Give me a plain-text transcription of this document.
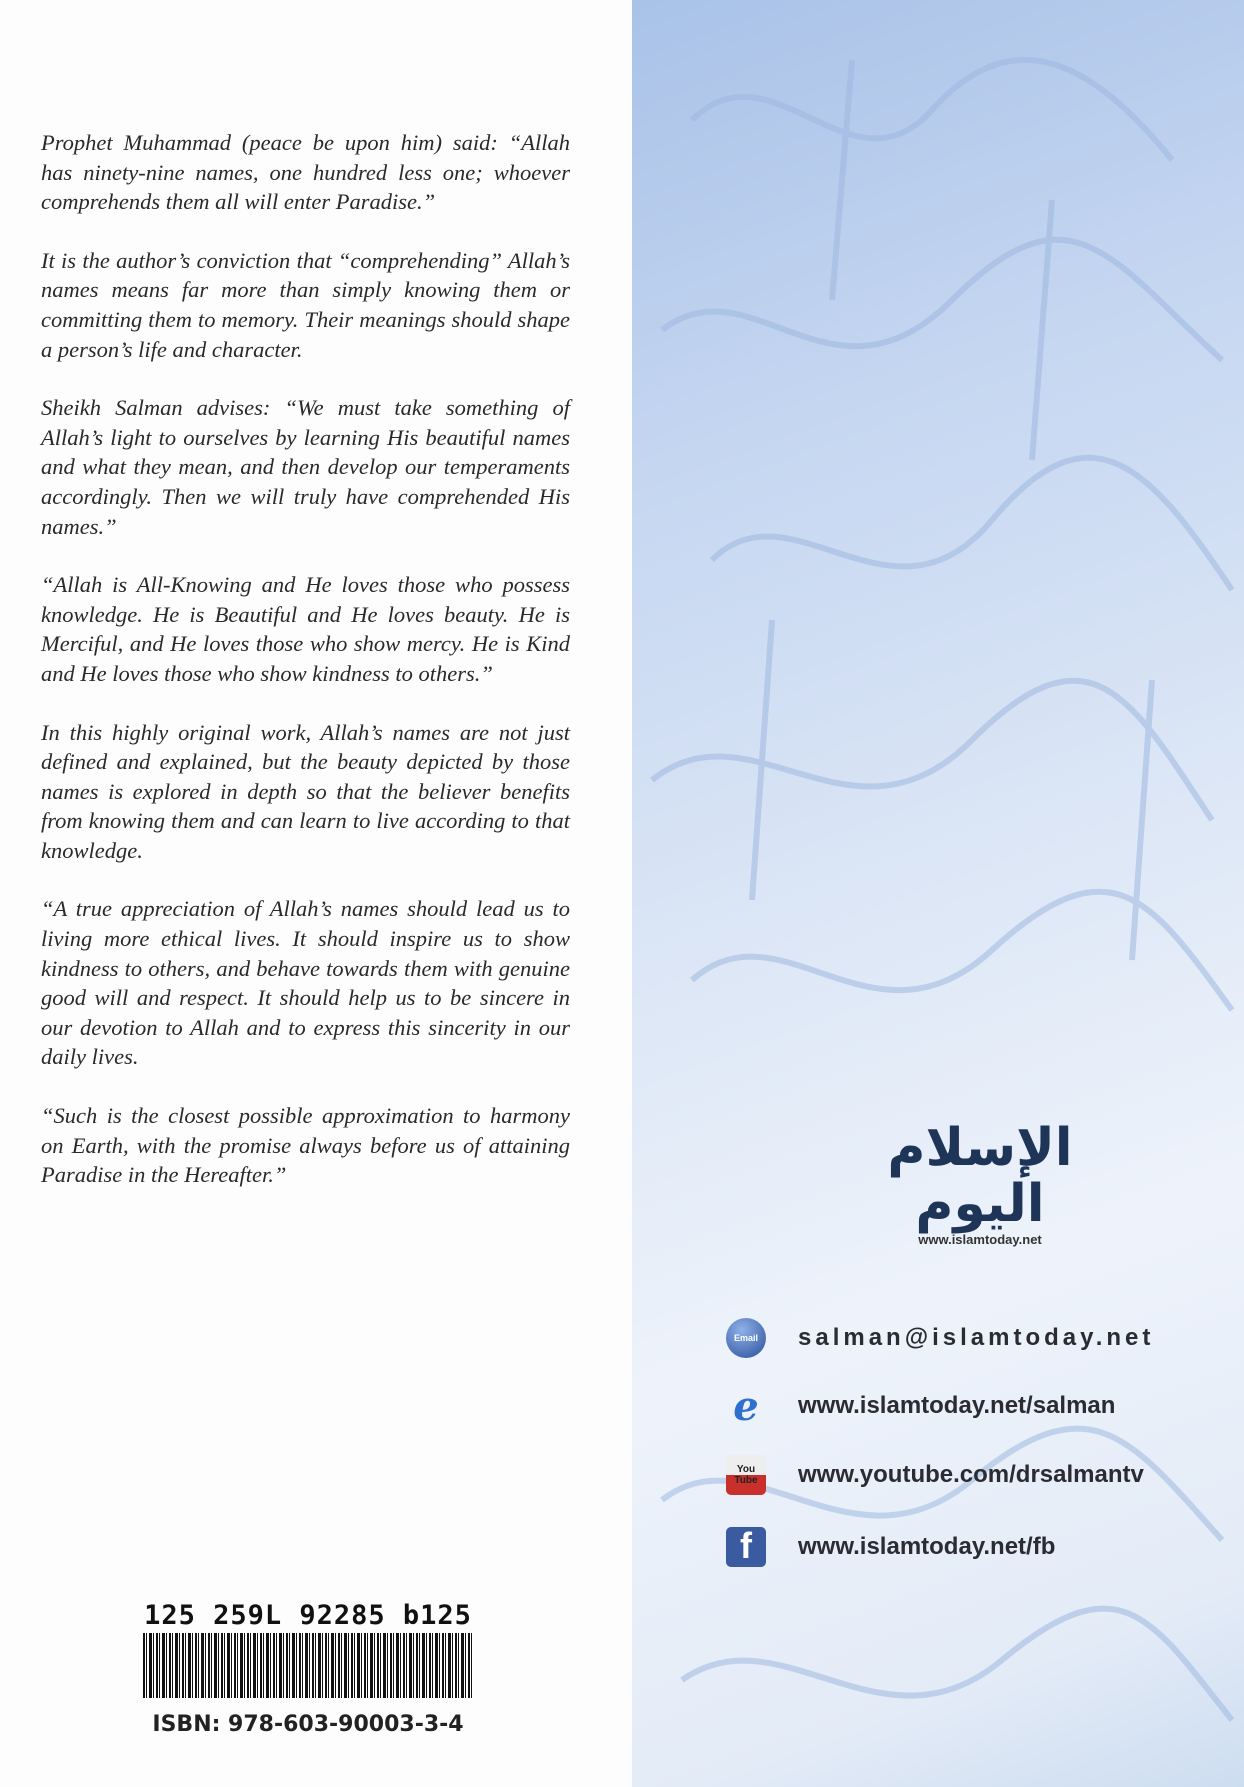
Prophet Muhammad (peace be upon him) said: “Allah has ninety-nine names, one hundred less one; whoever comprehends them all will enter Paradise.”

It is the author’s conviction that “comprehending” Allah’s names means far more than simply knowing them or committing them to memory. Their meanings should shape a person’s life and character.

Sheikh Salman advises: “We must take something of Allah’s light to ourselves by learning His beautiful names and what they mean, and then develop our temperaments accordingly. Then we will truly have comprehended His names.”

“Allah is All-Knowing and He loves those who possess knowledge. He is Beautiful and He loves beauty. He is Merciful, and He loves those who show mercy. He is Kind and He loves those who show kindness to others.”

In this highly original work, Allah’s names are not just defined and explained, but the beauty depicted by those names is explored in depth so that the believer benefits from knowing them and can learn to live according to that knowledge.

“A true appreciation of Allah’s names should lead us to living more ethical lives. It should inspire us to show kindness to others, and behave towards them with genuine good will and respect. It should help us to be sincere in our devotion to Allah and to express this sincerity in our daily lives.

“Such is the closest possible approximation to harmony on Earth, with the promise always before us of attaining Paradise in the Hereafter.”

125 259L 92285 b125
ISBN: 978-603-90003-3-4
الإسلام اليوم
www.islamtoday.net
Email salman@islamtoday.net
e www.islamtoday.net/salman
You Tube	www.youtube.com/drsalmantv
f www.islamtoday.net/fb
